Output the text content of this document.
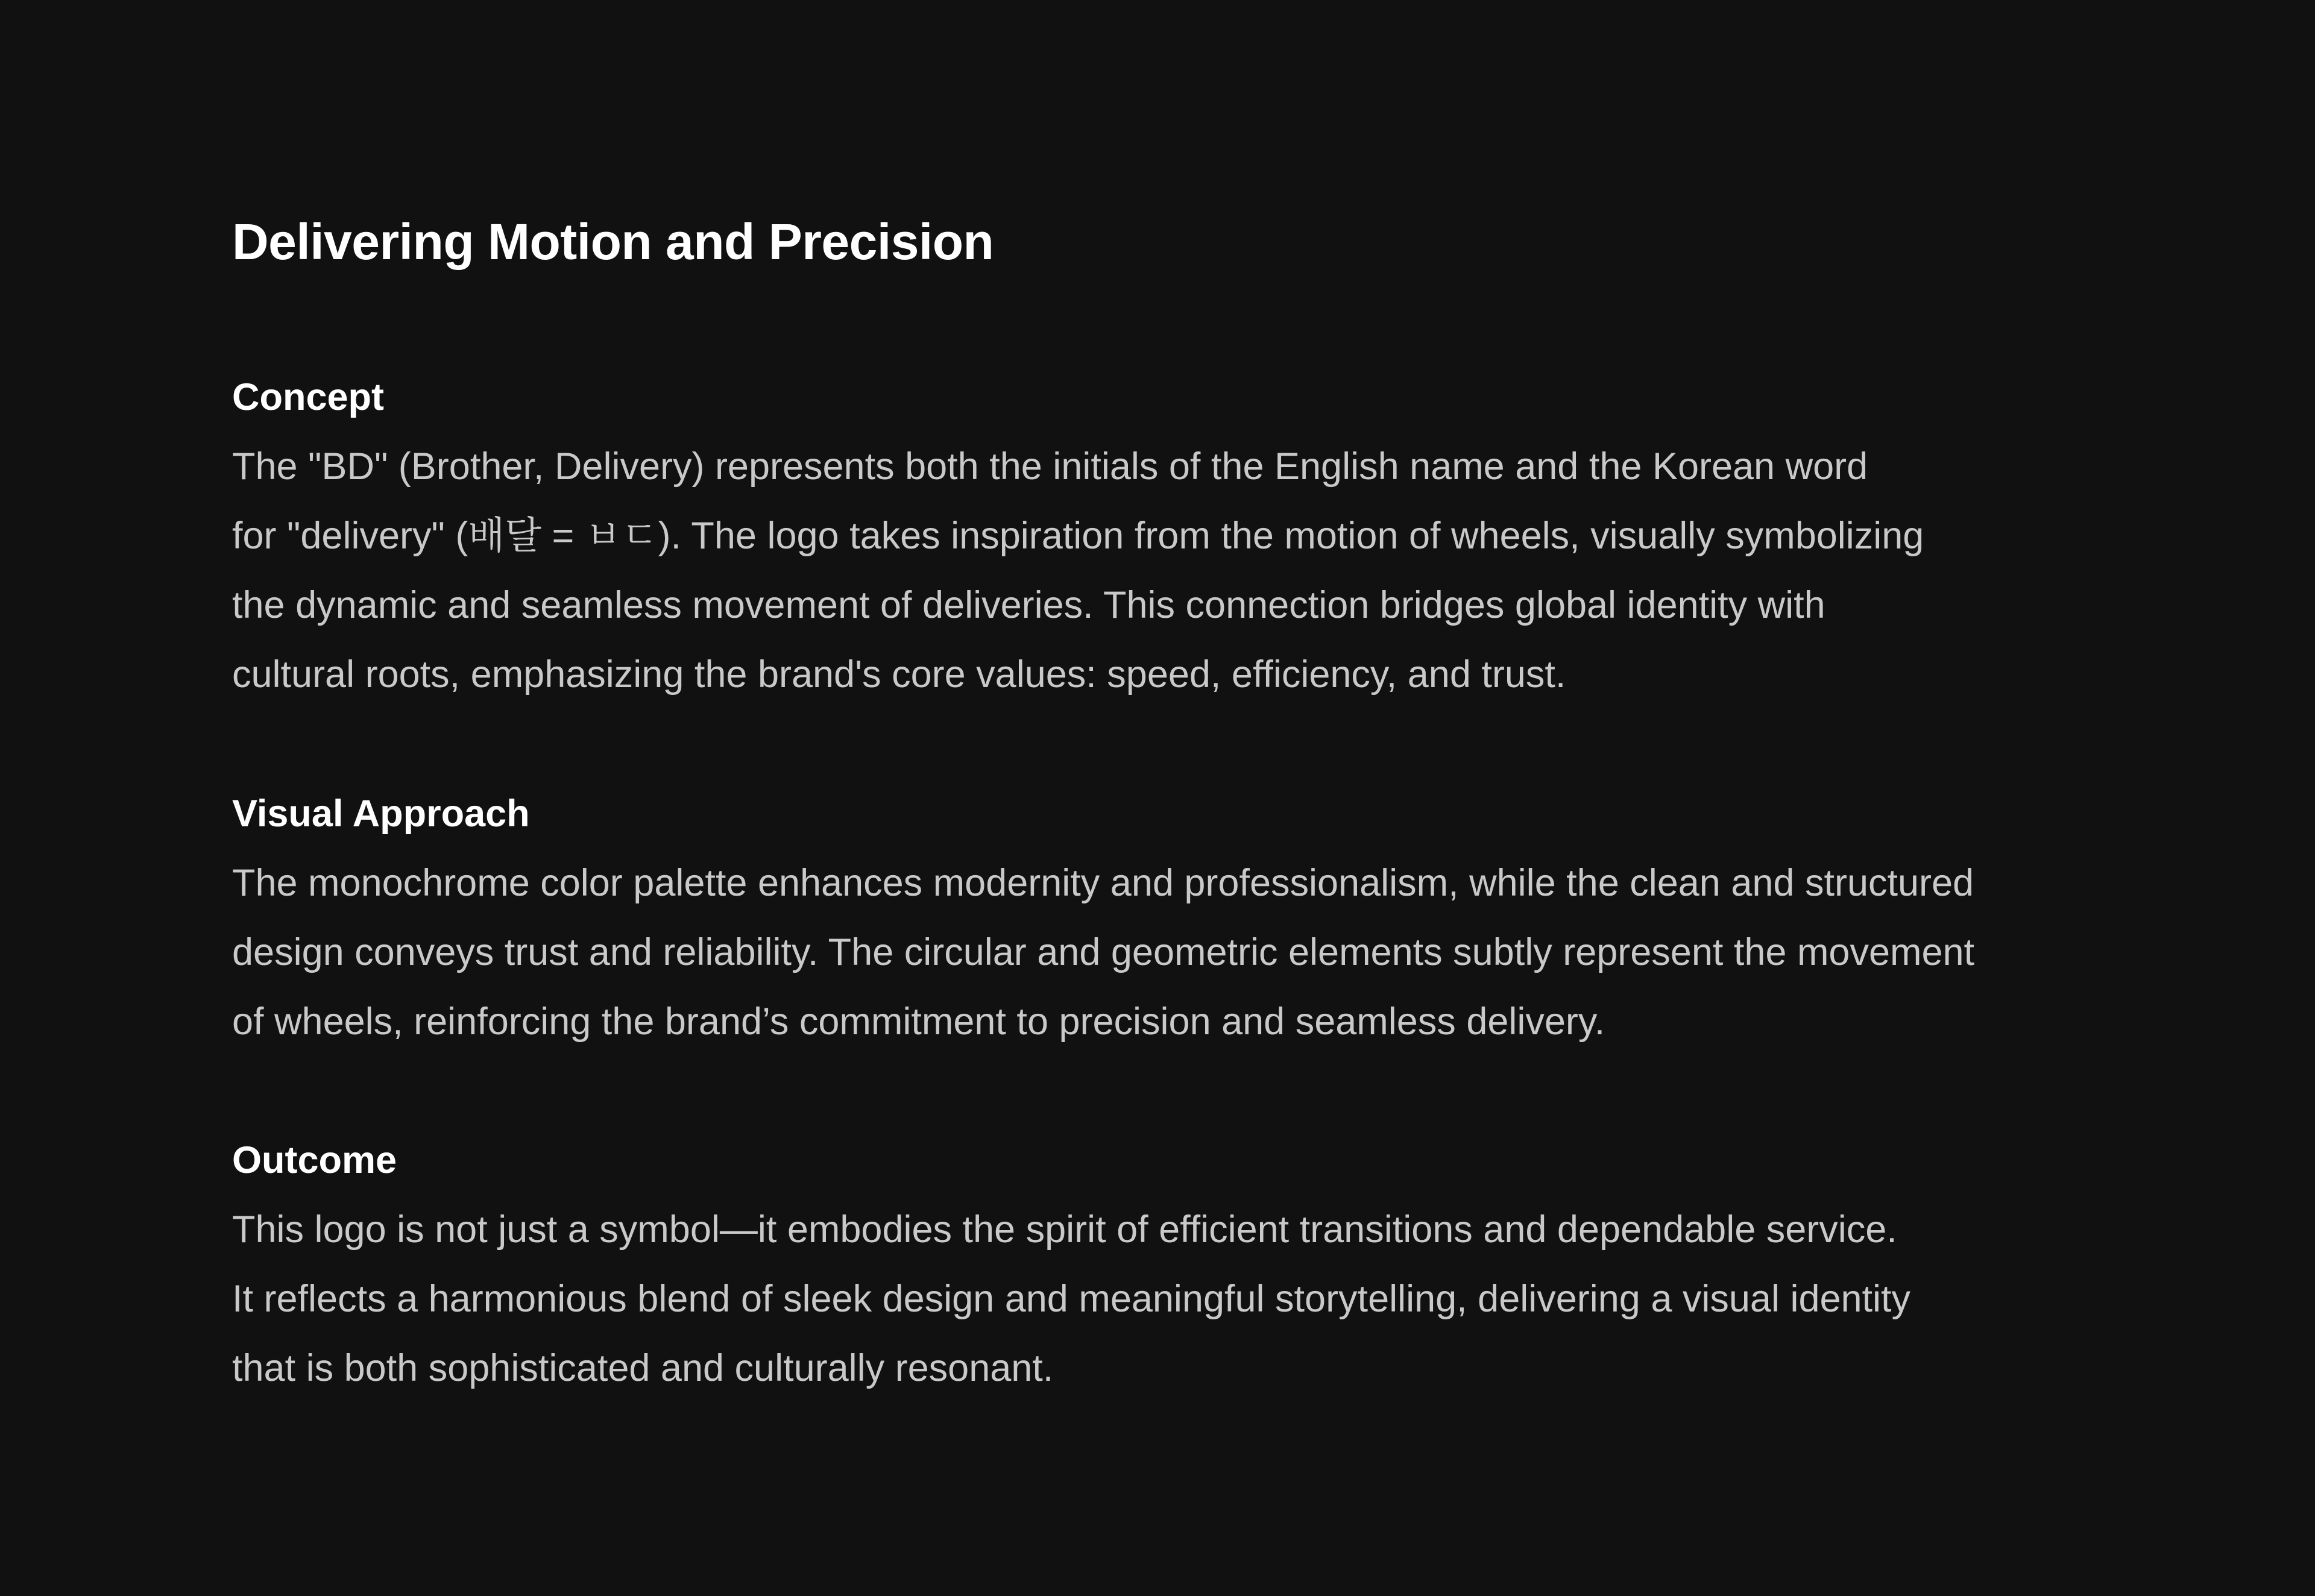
Delivering Motion and Precision
Concept

The "BD" (Brother, Delivery) represents both the initials of the English name and the Korean word

for "delivery" (배달 = ㅂㄷ). The logo takes inspiration from the motion of wheels, visually symbolizing

the dynamic and seamless movement of deliveries. This connection bridges global identity with

cultural roots, emphasizing the brand's core values: speed, efficiency, and trust.

Visual Approach

The monochrome color palette enhances modernity and professionalism, while the clean and structured

design conveys trust and reliability. The circular and geometric elements subtly represent the movement

of wheels, reinforcing the brand’s commitment to precision and seamless delivery.

Outcome

This logo is not just a symbol—it embodies the spirit of efficient transitions and dependable service.

It reflects a harmonious blend of sleek design and meaningful storytelling, delivering a visual identity

that is both sophisticated and culturally resonant.
